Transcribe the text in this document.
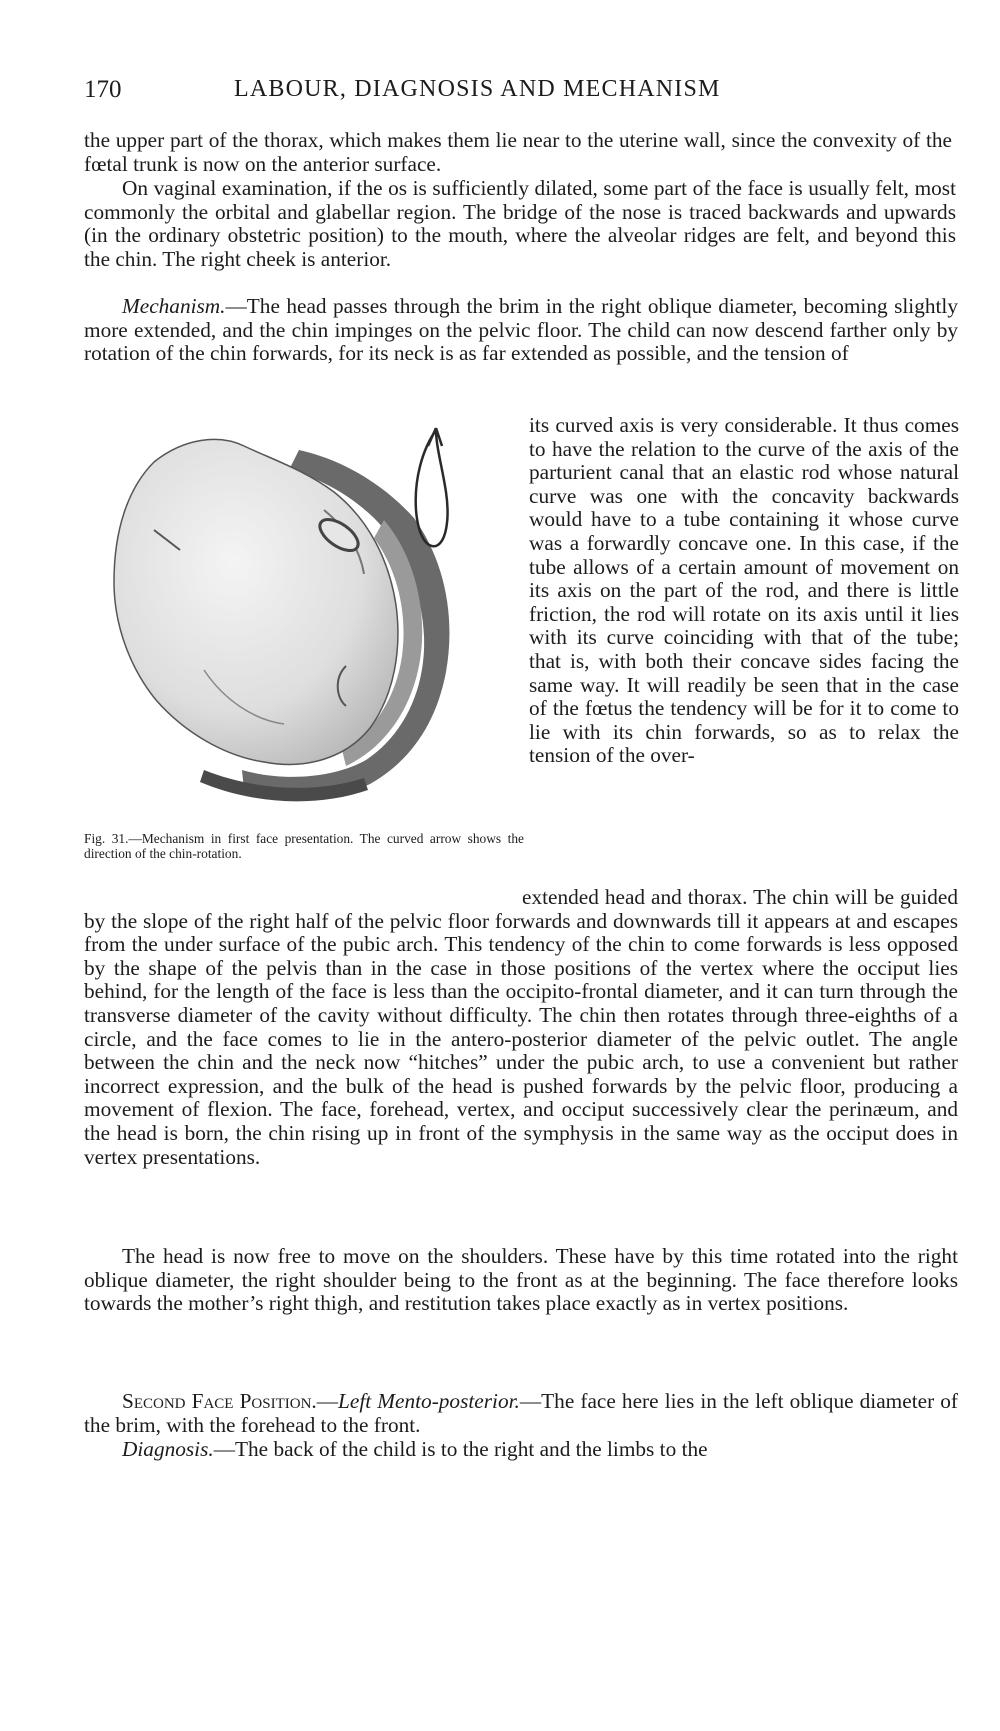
170	LABOUR, DIAGNOSIS AND MECHANISM

the upper part of the thorax, which makes them lie near to the uterine wall, since the convexity of the fœtal trunk is now on the anterior surface.

On vaginal examination, if the os is sufficiently dilated, some part of the face is usually felt, most commonly the orbital and glabellar region. The bridge of the nose is traced backwards and upwards (in the ordinary obstetric position) to the mouth, where the alveolar ridges are felt, and beyond this the chin. The right cheek is anterior.

Mechanism.—The head passes through the brim in the right oblique diameter, becoming slightly more extended, and the chin impinges on the pelvic floor. The child can now descend farther only by rotation of the chin forwards, for its neck is as far extended as possible, and the tension of

its curved axis is very considerable. It thus comes to have the relation to the curve of the axis of the parturient canal that an elastic rod whose natural curve was one with the concavity backwards would have to a tube containing it whose curve was a forwardly concave one. In this case, if the tube allows of a certain amount of movement on its axis on the part of the rod, and there is little friction, the rod will rotate on its axis until it lies with its curve coinciding with that of the tube; that is, with both their concave sides facing the same way. It will readily be seen that in the case of the fœtus the tendency will be for it to come to lie with its chin forwards, so as to relax the tension of the over-

Fig. 31.—Mechanism in first face presentation. The curved arrow shows the direction of the chin-rotation.

extended head and thorax. The chin will be guided by the slope of the right half of the pelvic floor forwards and downwards till it appears at and escapes from the under surface of the pubic arch. This tendency of the chin to come forwards is less opposed by the shape of the pelvis than in the case in those positions of the vertex where the occiput lies behind, for the length of the face is less than the occipito-frontal diameter, and it can turn through the transverse diameter of the cavity without difficulty. The chin then rotates through three-eighths of a circle, and the face comes to lie in the antero-posterior diameter of the pelvic outlet. The angle between the chin and the neck now “hitches” under the pubic arch, to use a convenient but rather incorrect expression, and the bulk of the head is pushed forwards by the pelvic floor, producing a movement of flexion. The face, forehead, vertex, and occiput successively clear the perinæum, and the head is born, the chin rising up in front of the symphysis in the same way as the occiput does in vertex presentations.

The head is now free to move on the shoulders. These have by this time rotated into the right oblique diameter, the right shoulder being to the front as at the beginning. The face therefore looks towards the mother’s right thigh, and restitution takes place exactly as in vertex positions.

Second Face Position.—Left Mento-posterior.—The face here lies in the left oblique diameter of the brim, with the forehead to the front.

Diagnosis.—The back of the child is to the right and the limbs to the
